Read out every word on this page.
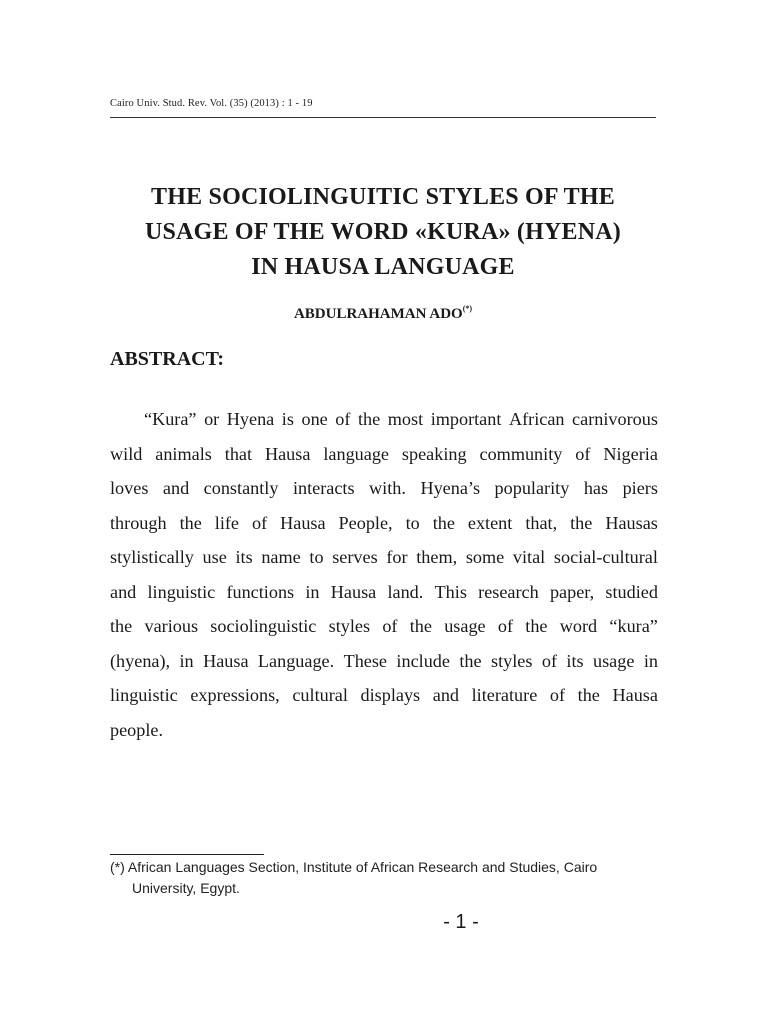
Cairo Univ. Stud. Rev. Vol. (35) (2013) : 1 - 19
THE SOCIOLINGUITIC STYLES OF THE
USAGE OF THE WORD «KURA» (HYENA)
IN HAUSA LANGUAGE
ABDULRAHAMAN ADO(*)
ABSTRACT:
“Kura” or Hyena is one of the most important African carnivorous
wild animals that Hausa language speaking community of Nigeria
loves and constantly interacts with. Hyena’s popularity has piers
through the life of Hausa People, to the extent that, the Hausas
stylistically use its name to serves for them, some vital social-cultural
and linguistic functions in Hausa land. This research paper, studied
the various sociolinguistic styles of the usage of the word “kura”
(hyena), in Hausa Language. These include the styles of its usage in
linguistic expressions, cultural displays and literature of the Hausa
people.
(*) African Languages Section, Institute of African Research and Studies, Cairo
University, Egypt.
- 1 -
